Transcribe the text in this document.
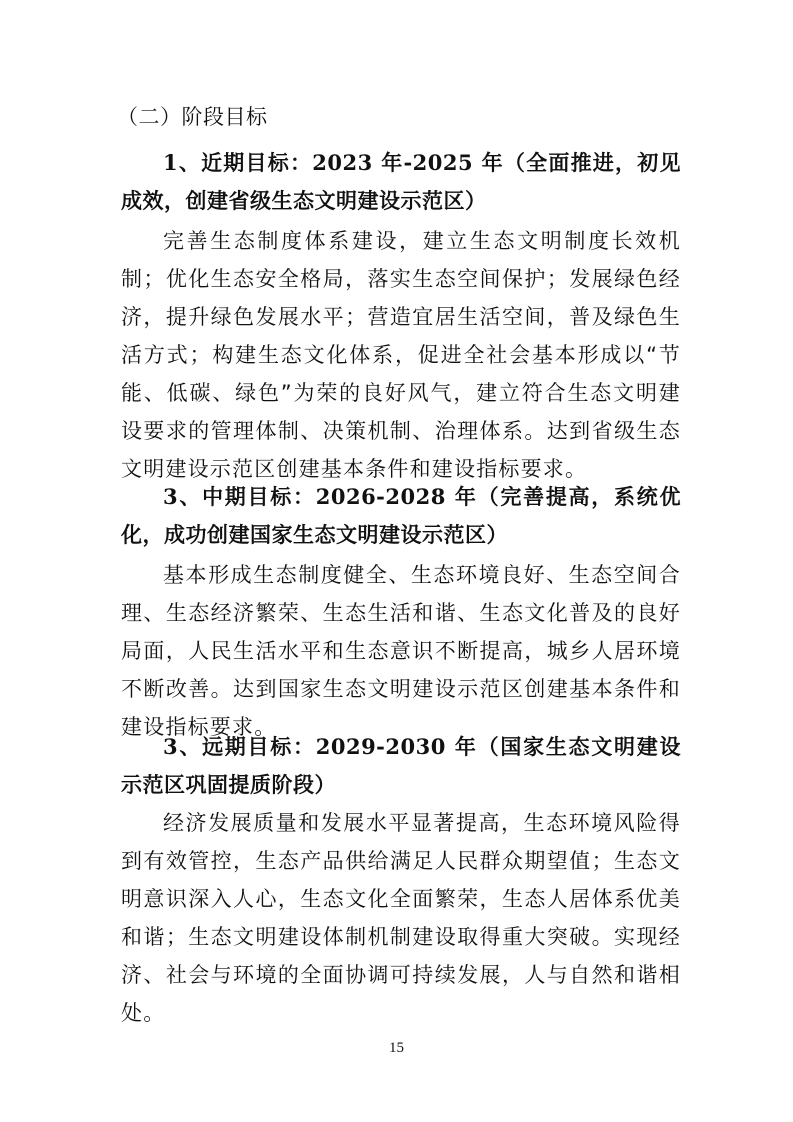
（二）阶段目标

1、近期目标：2023 年-2025 年（全面推进，初见成效，创建省级生态文明建设示范区）

完善生态制度体系建设，建立生态文明制度长效机制；优化生态安全格局，落实生态空间保护；发展绿色经济，提升绿色发展水平；营造宜居生活空间，普及绿色生活方式；构建生态文化体系，促进全社会基本形成以“节能、低碳、绿色”为荣的良好风气，建立符合生态文明建设要求的管理体制、决策机制、治理体系。达到省级生态文明建设示范区创建基本条件和建设指标要求。

3、中期目标：2026-2028 年（完善提高，系统优化，成功创建国家生态文明建设示范区）

基本形成生态制度健全、生态环境良好、生态空间合理、生态经济繁荣、生态生活和谐、生态文化普及的良好局面，人民生活水平和生态意识不断提高，城乡人居环境不断改善。达到国家生态文明建设示范区创建基本条件和建设指标要求。

3、远期目标：2029-2030 年（国家生态文明建设示范区巩固提质阶段）

经济发展质量和发展水平显著提高，生态环境风险得到有效管控，生态产品供给满足人民群众期望值；生态文明意识深入人心，生态文化全面繁荣，生态人居体系优美和谐；生态文明建设体制机制建设取得重大突破。实现经济、社会与环境的全面协调可持续发展，人与自然和谐相处。

15
